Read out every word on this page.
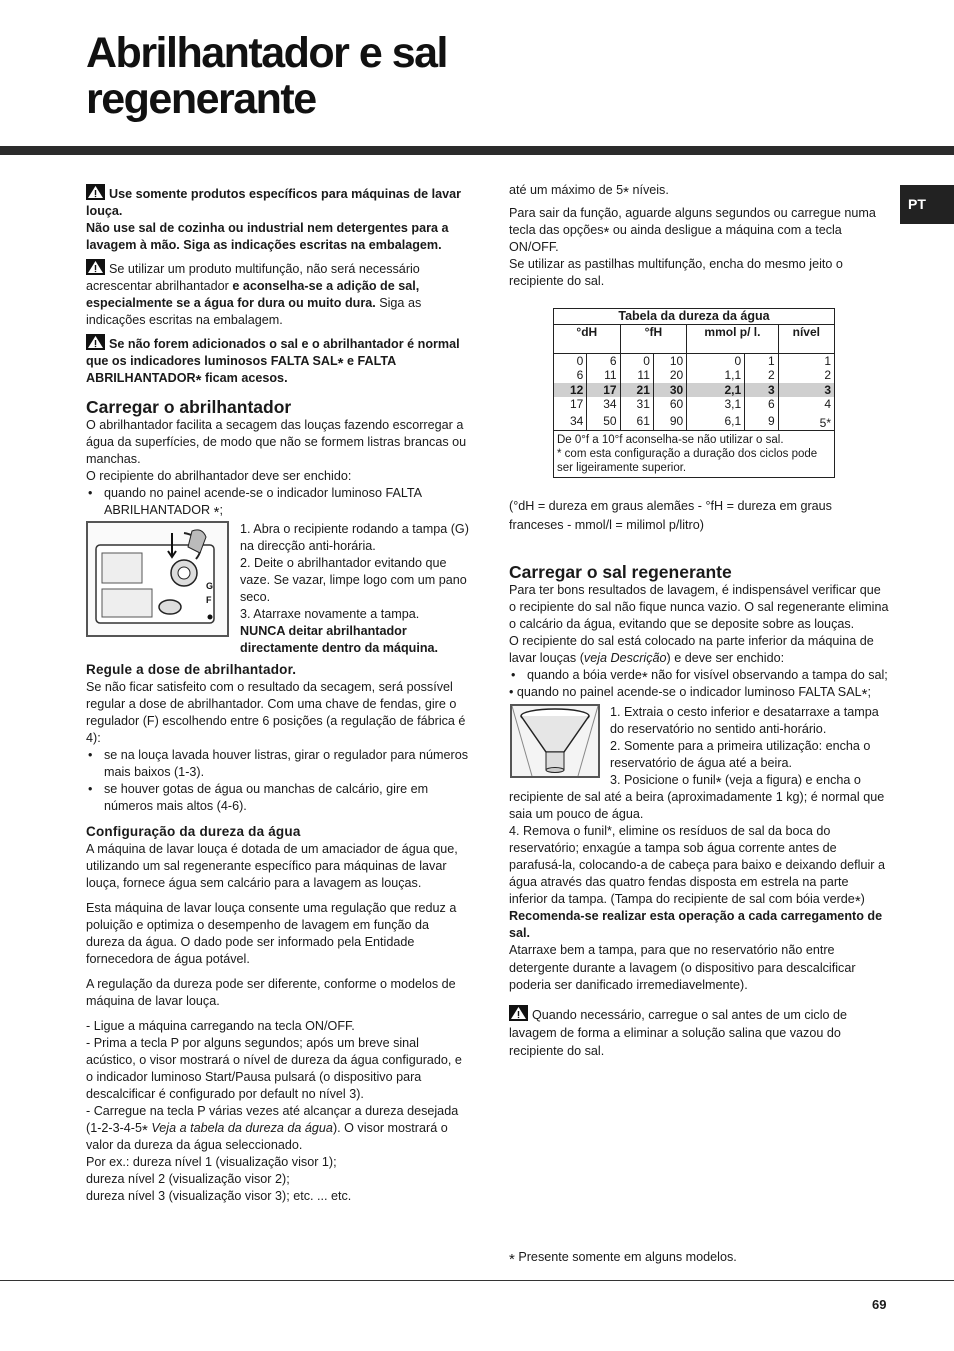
Abrilhantador e sal
regenerante
PT

Use somente produtos específicos para máquinas de lavar louça.
Não use sal de cozinha ou industrial nem detergentes para a lavagem à mão. Siga as indicações escritas na embalagem.

Se utilizar um produto multifunção, não será necessário acrescentar abrilhantador e aconselha-se a adição de sal, especialmente se a água for dura ou muito dura. Siga as indicações escritas na embalagem.

Se não forem adicionados o sal e o abrilhantador é normal que os indicadores luminosos FALTA SAL* e FALTA ABRILHANTADOR* ficam acesos.

Carregar o abrilhantador

O abrilhantador facilita a secagem das louças fazendo escorregar a água da superfícies, de modo que não se formem listras brancas ou manchas.

O recipiente do abrilhantador deve ser enchido:

• quando no painel acende-se o indicador luminoso FALTA ABRILHANTADOR *;

G
F

1. Abra o recipiente rodando a tampa (G) na direcção anti-horária.

2. Deite o abrilhantador evitando que vaze. Se vazar, limpe logo com um pano seco.

3. Atarraxe novamente a tampa.

NUNCA deitar abrilhantador directamente dentro da máquina.

Regule a dose de abrilhantador.

Se não ficar satisfeito com o resultado da secagem, será possível regular a dose de abrilhantador. Com uma chave de fendas, gire o regulador (F) escolhendo entre 6 posições (a regulação de fábrica é 4):

• se na louça lavada houver listras, girar o regulador para números mais baixos (1-3).

• se houver gotas de água ou manchas de calcário, gire em números mais altos (4-6).

Configuração da dureza da água

A máquina de lavar louça é dotada de um amaciador de água que, utilizando um sal regenerante específico para máquinas de lavar louça, fornece água sem calcário para a lavagem as louças.

Esta máquina de lavar louça consente uma regulação que reduz a poluição e optimiza o desempenho de lavagem em função da dureza da água. O dado pode ser informado pela Entidade fornecedora de água potável.

A regulação da dureza pode ser diferente, conforme o modelos de máquina de lavar louça.

- Ligue a máquina carregando na tecla ON/OFF.

- Prima a tecla P por alguns segundos; após um breve sinal acústico, o visor mostrará o nível de dureza da água configurado, e o indicador luminoso Start/Pausa pulsará (o dispositivo para descalcificar é configurado por default no nível 3).

- Carregue na tecla P várias vezes até alcançar a dureza desejada (1-2-3-4-5* Veja a tabela da dureza da água). O visor mostrará o valor da dureza da água seleccionado.

Por ex.: dureza nível 1 (visualização visor 1);

dureza nível 2 (visualização visor 2);

dureza nível 3 (visualização visor 3); etc. ... etc.

até um máximo de 5* níveis.

Para sair da função, aguarde alguns segundos ou carregue numa tecla das opções* ou ainda desligue a máquina com a tecla ON/OFF.

Se utilizar as pastilhas multifunção, encha do mesmo jeito o recipiente do sal.

Tabela da dureza da água						
°dH		°fH		mmol p/ l.		nível
0	6	0	10	0	1	1
6	11	11	20	1,1	2	2
12	17	21	30	2,1	3	3
17	34	31	60	3,1	6	4
34	50	61	90	6,1	9	5*
De 0°f a 10°f aconselha-se não utilizar o sal.
* com esta configuração a duração dos ciclos pode ser ligeiramente superior.						

(°dH = dureza em graus alemães - °fH = dureza em graus franceses - mmol/l = milimol p/litro)

Carregar o sal regenerante

Para ter bons resultados de lavagem, é indispensável verificar que o recipiente do sal não fique nunca vazio. O sal regenerante elimina o calcário da água, evitando que se deposite sobre as louças.

O recipiente do sal está colocado na parte inferior da máquina de lavar louças (veja Descrição) e deve ser enchido:

• quando a bóia verde* não for visível observando a tampa do sal;

• quando no painel acende-se o indicador luminoso FALTA SAL*;

1. Extraia o cesto inferior e desatarraxe a tampa do reservatório no sentido anti-horário.

2. Somente para a primeira utilização: encha o reservatório de água até a beira.

3. Posicione o funil* (veja a figura) e encha o recipiente de sal até a beira (aproximadamente 1 kg); é normal que saia um pouco de água.

4. Remova o funil*, elimine os resíduos de sal da boca do reservatório; enxagúe a tampa sob água corrente antes de parafusá-la, colocando-a de cabeça para baixo e deixando defluir a água através das quatro fendas disposta em estrela na parte inferior da tampa. (Tampa do recipiente de sal com bóia verde*)

Recomenda-se realizar esta operação a cada carregamento de sal.

Atarraxe bem a tampa, para que no reservatório não entre detergente durante a lavagem (o dispositivo para descalcificar poderia ser danificado irremediavelmente).

Quando necessário, carregue o sal antes de um ciclo de lavagem de forma a eliminar a solução salina que vazou do recipiente do sal.

* Presente somente em alguns modelos.

69
